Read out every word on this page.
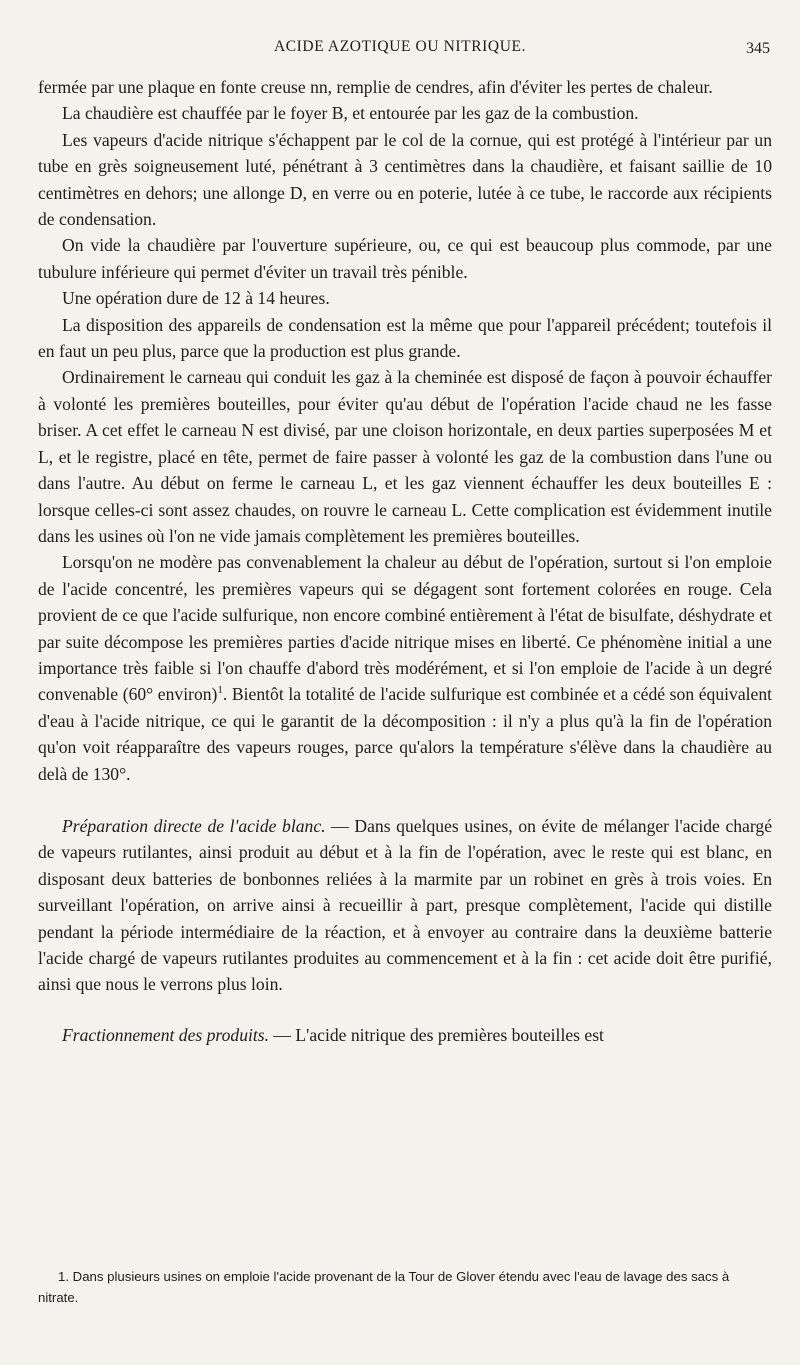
ACIDE AZOTIQUE OU NITRIQUE.	345

fermée par une plaque en fonte creuse nn, remplie de cendres, afin d'éviter les pertes de chaleur.

La chaudière est chauffée par le foyer B, et entourée par les gaz de la combustion.

Les vapeurs d'acide nitrique s'échappent par le col de la cornue, qui est protégé à l'intérieur par un tube en grès soigneusement luté, pénétrant à 3 centimètres dans la chaudière, et faisant saillie de 10 centimètres en dehors; une allonge D, en verre ou en poterie, lutée à ce tube, le raccorde aux récipients de condensation.

On vide la chaudière par l'ouverture supérieure, ou, ce qui est beaucoup plus commode, par une tubulure inférieure qui permet d'éviter un travail très pénible.

Une opération dure de 12 à 14 heures.

La disposition des appareils de condensation est la même que pour l'appareil précédent; toutefois il en faut un peu plus, parce que la production est plus grande.

Ordinairement le carneau qui conduit les gaz à la cheminée est disposé de façon à pouvoir échauffer à volonté les premières bouteilles, pour éviter qu'au début de l'opération l'acide chaud ne les fasse briser. A cet effet le carneau N est divisé, par une cloison horizontale, en deux parties superposées M et L, et le registre, placé en tête, permet de faire passer à volonté les gaz de la combustion dans l'une ou dans l'autre. Au début on ferme le carneau L, et les gaz viennent échauffer les deux bouteilles E : lorsque celles-ci sont assez chaudes, on rouvre le carneau L. Cette complication est évidemment inutile dans les usines où l'on ne vide jamais complètement les premières bouteilles.

Lorsqu'on ne modère pas convenablement la chaleur au début de l'opération, surtout si l'on emploie de l'acide concentré, les premières vapeurs qui se dégagent sont fortement colorées en rouge. Cela provient de ce que l'acide sulfurique, non encore combiné entièrement à l'état de bisulfate, déshydrate et par suite décompose les premières parties d'acide nitrique mises en liberté. Ce phénomène initial a une importance très faible si l'on chauffe d'abord très modérément, et si l'on emploie de l'acide à un degré convenable (60° environ)$^1$. Bientôt la totalité de l'acide sulfurique est combinée et a cédé son équivalent d'eau à l'acide nitrique, ce qui le garantit de la décomposition : il n'y a plus qu'à la fin de l'opération qu'on voit réapparaître des vapeurs rouges, parce qu'alors la température s'élève dans la chaudière au delà de 130°.

Préparation directe de l'acide blanc. — Dans quelques usines, on évite de mélanger l'acide chargé de vapeurs rutilantes, ainsi produit au début et à la fin de l'opération, avec le reste qui est blanc, en disposant deux batteries de bonbonnes reliées à la marmite par un robinet en grès à trois voies. En surveillant l'opération, on arrive ainsi à recueillir à part, presque complètement, l'acide qui distille pendant la période intermédiaire de la réaction, et à envoyer au contraire dans la deuxième batterie l'acide chargé de vapeurs rutilantes produites au commencement et à la fin : cet acide doit être purifié, ainsi que nous le verrons plus loin.

Fractionnement des produits. — L'acide nitrique des premières bouteilles est

1. Dans plusieurs usines on emploie l'acide provenant de la Tour de Glover étendu avec l'eau de lavage des sacs à nitrate.
